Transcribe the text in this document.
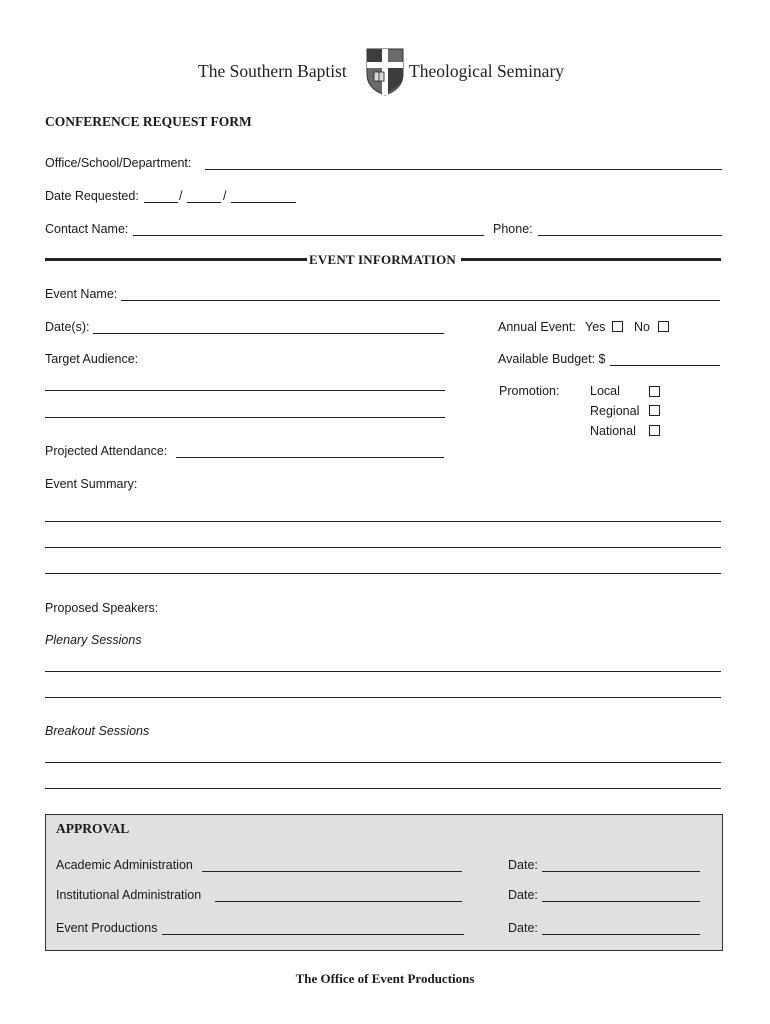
The Southern Baptist	Theological Seminary
CONFERENCE REQUEST FORM
Office/School/Department:
Date Requested:	/	/
Contact Name:	Phone:
EVENT INFORMATION
Event Name:
Date(s):	Annual Event: Yes No
Target Audience:	Available Budget: $
Promotion: Local
Regional
National
Projected Attendance:
Event Summary:
Proposed Speakers:
Plenary Sessions
Breakout Sessions
APPROVAL
Academic Administration	Date:
Institutional Administration	Date:
Event Productions	Date:
The Office of Event Productions
